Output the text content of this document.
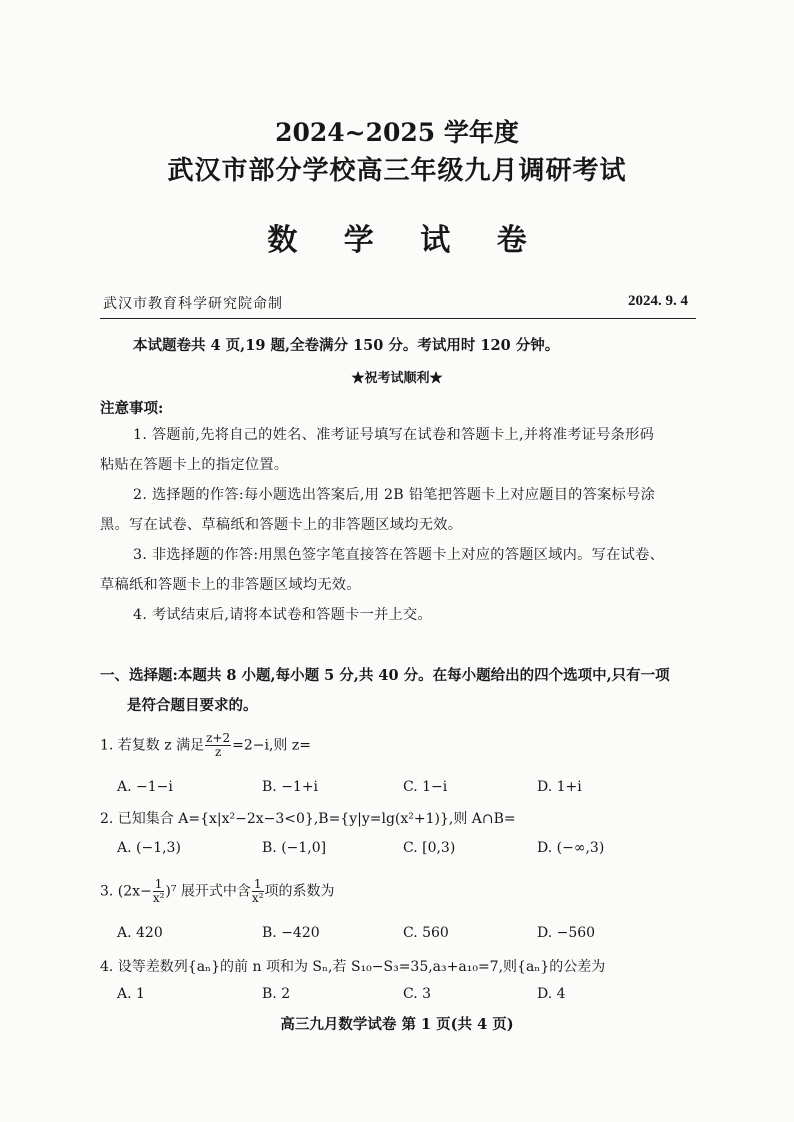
2024~2025 学年度
武汉市部分学校高三年级九月调研考试
数 学 试 卷
武汉市教育科学研究院命制	2024. 9. 4
本试题卷共 4 页,19 题,全卷满分 150 分。考试用时 120 分钟。
★祝考试顺利★
注意事项:
1. 答题前,先将自己的姓名、准考证号填写在试卷和答题卡上,并将准考证号条形码
粘贴在答题卡上的指定位置。
2. 选择题的作答:每小题选出答案后,用 2B 铅笔把答题卡上对应题目的答案标号涂
黑。写在试卷、草稿纸和答题卡上的非答题区域均无效。
3. 非选择题的作答:用黑色签字笔直接答在答题卡上对应的答题区域内。写在试卷、
草稿纸和答题卡上的非答题区域均无效。
4. 考试结束后,请将本试卷和答题卡一并上交。
一、选择题:本题共 8 小题,每小题 5 分,共 40 分。在每小题给出的四个选项中,只有一项
是符合题目要求的。
1. 若复数 z 满足 $\frac{z+2}{z} =2-i$,则 z=
A. −1−i	B. −1+i	C. 1−i	D. 1+i
2. 已知集合 A={x|x²−2x−3<0},B={y|y=lg(x²+1)},则 A∩B=
A. (−1,3)	B. (−1,0]	C. [0,3)	D. (−∞,3)
3. $(2x- \frac{1}{\text{x²}} )^7$ 展开式中含 $\frac{1}{\text{x²}}$ 项的系数为
A. 420	B. −420	C. 560	D. −560
4. 设等差数列{aₙ}的前 n 项和为 Sₙ,若 S₁₀−S₃=35,a₃+a₁₀=7,则{aₙ}的公差为
A. 1	B. 2	C. 3	D. 4
高三九月数学试卷 第 1 页(共 4 页)
